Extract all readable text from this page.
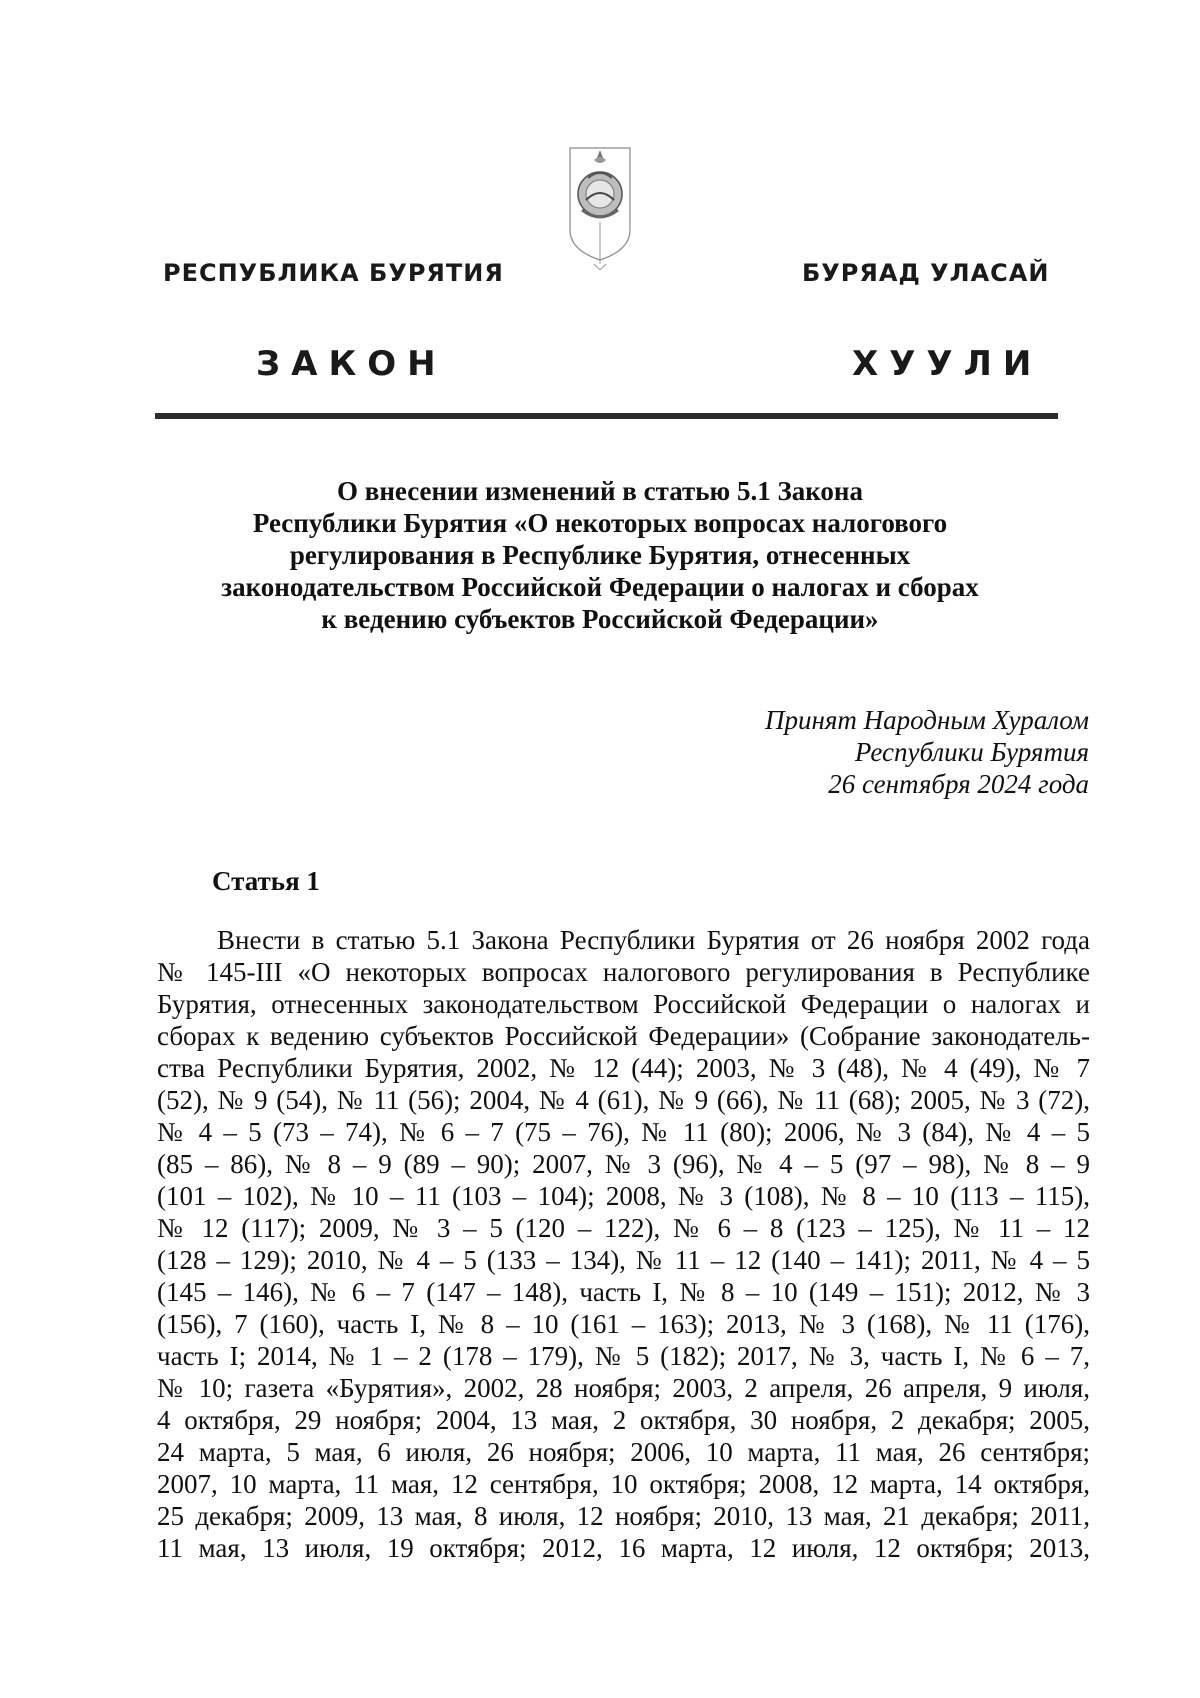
РЕСПУБЛИКА БУРЯТИЯ	БУРЯАД УЛАСАЙ
ЗАКОН	ХУУЛИ
О внесении изменений в статью 5.1 Закона
Республики Бурятия «О некоторых вопросах налогового
регулирования в Республике Бурятия, отнесенных
законодательством Российской Федерации о налогах и сборах
к ведению субъектов Российской Федерации»
Принят Народным Хуралом
Республики Бурятия
26 сентября 2024 года
Статья 1
Внести в статью 5.1 Закона Республики Бурятия от 26 ноября 2002 года
№ 145-III «О некоторых вопросах налогового регулирования в Республике
Бурятия, отнесенных законодательством Российской Федерации о налогах и
сборах к ведению субъектов Российской Федерации» (Собрание законодатель-
ства Республики Бурятия, 2002, № 12 (44); 2003, № 3 (48), № 4 (49), № 7
(52), № 9 (54), № 11 (56); 2004, № 4 (61), № 9 (66), № 11 (68); 2005, № 3 (72),
№ 4 – 5 (73 – 74), № 6 – 7 (75 – 76), № 11 (80); 2006, № 3 (84), № 4 – 5
(85 – 86), № 8 – 9 (89 – 90); 2007, № 3 (96), № 4 – 5 (97 – 98), № 8 – 9
(101 – 102), № 10 – 11 (103 – 104); 2008, № 3 (108), № 8 – 10 (113 – 115),
№ 12 (117); 2009, № 3 – 5 (120 – 122), № 6 – 8 (123 – 125), № 11 – 12
(128 – 129); 2010, № 4 – 5 (133 – 134), № 11 – 12 (140 – 141); 2011, № 4 – 5
(145 – 146), № 6 – 7 (147 – 148), часть I, № 8 – 10 (149 – 151); 2012, № 3
(156), 7 (160), часть I, № 8 – 10 (161 – 163); 2013, № 3 (168), № 11 (176),
часть I; 2014, № 1 – 2 (178 – 179), № 5 (182); 2017, № 3, часть I, № 6 – 7,
№ 10; газета «Бурятия», 2002, 28 ноября; 2003, 2 апреля, 26 апреля, 9 июля,
4 октября, 29 ноября; 2004, 13 мая, 2 октября, 30 ноября, 2 декабря; 2005,
24 марта, 5 мая, 6 июля, 26 ноября; 2006, 10 марта, 11 мая, 26 сентября;
2007, 10 марта, 11 мая, 12 сентября, 10 октября; 2008, 12 марта, 14 октября,
25 декабря; 2009, 13 мая, 8 июля, 12 ноября; 2010, 13 мая, 21 декабря; 2011,
11 мая, 13 июля, 19 октября; 2012, 16 марта, 12 июля, 12 октября; 2013,
